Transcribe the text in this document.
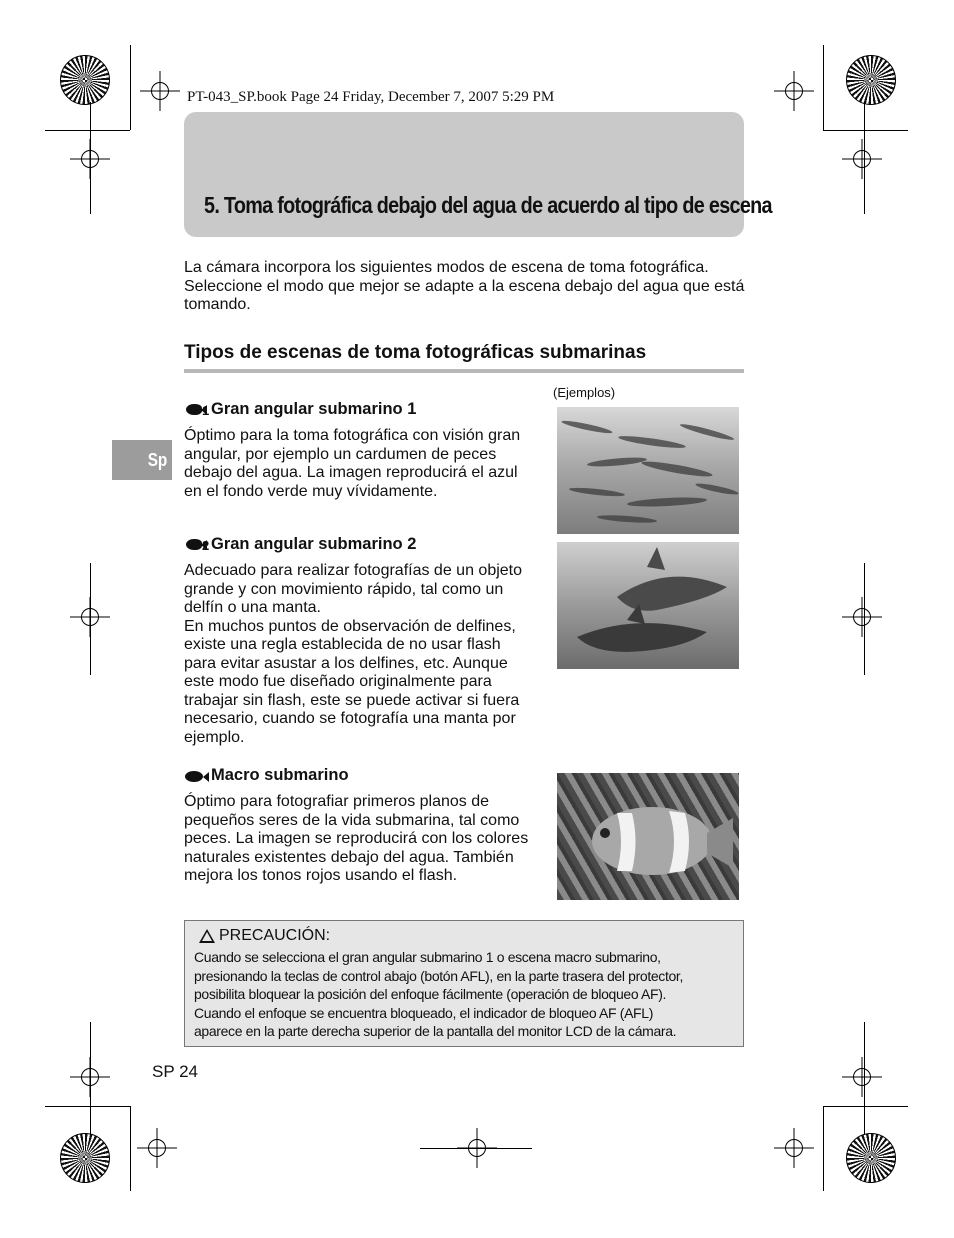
PT-043_SP.book Page 24 Friday, December 7, 2007 5:29 PM
5. Toma fotográfica debajo del agua de acuerdo al tipo de escena
La cámara incorpora los siguientes modos de escena de toma fotográfica. Seleccione el modo que mejor se adapte a la escena debajo del agua que está tomando.
Tipos de escenas de toma fotográficas submarinas
Sp
(Ejemplos)
1 Gran angular submarino 1
Óptimo para la toma fotográfica con visión gran angular, por ejemplo un cardumen de peces debajo del agua. La imagen reproducirá el azul en el fondo verde muy vívidamente.
2 Gran angular submarino 2
Adecuado para realizar fotografías de un objeto grande y con movimiento rápido, tal como un delfín o una manta.
En muchos puntos de observación de delfines, existe una regla establecida de no usar flash para evitar asustar a los delfines, etc. Aunque este modo fue diseñado originalmente para trabajar sin flash, este se puede activar si fuera necesario, cuando se fotografía una manta por ejemplo.
Macro submarino
Óptimo para fotografiar primeros planos de pequeños seres de la vida submarina, tal como peces. La imagen se reproducirá con los colores naturales existentes debajo del agua. También mejora los tonos rojos usando el flash.
PRECAUCIÓN:
Cuando se selecciona el gran angular submarino 1 o escena macro submarino,
presionando la teclas de control abajo (botón AFL), en la parte trasera del protector,
posibilita bloquear la posición del enfoque fácilmente (operación de bloqueo AF).
Cuando el enfoque se encuentra bloqueado, el indicador de bloqueo AF (AFL)
aparece en la parte derecha superior de la pantalla del monitor LCD de la cámara.
SP 24
